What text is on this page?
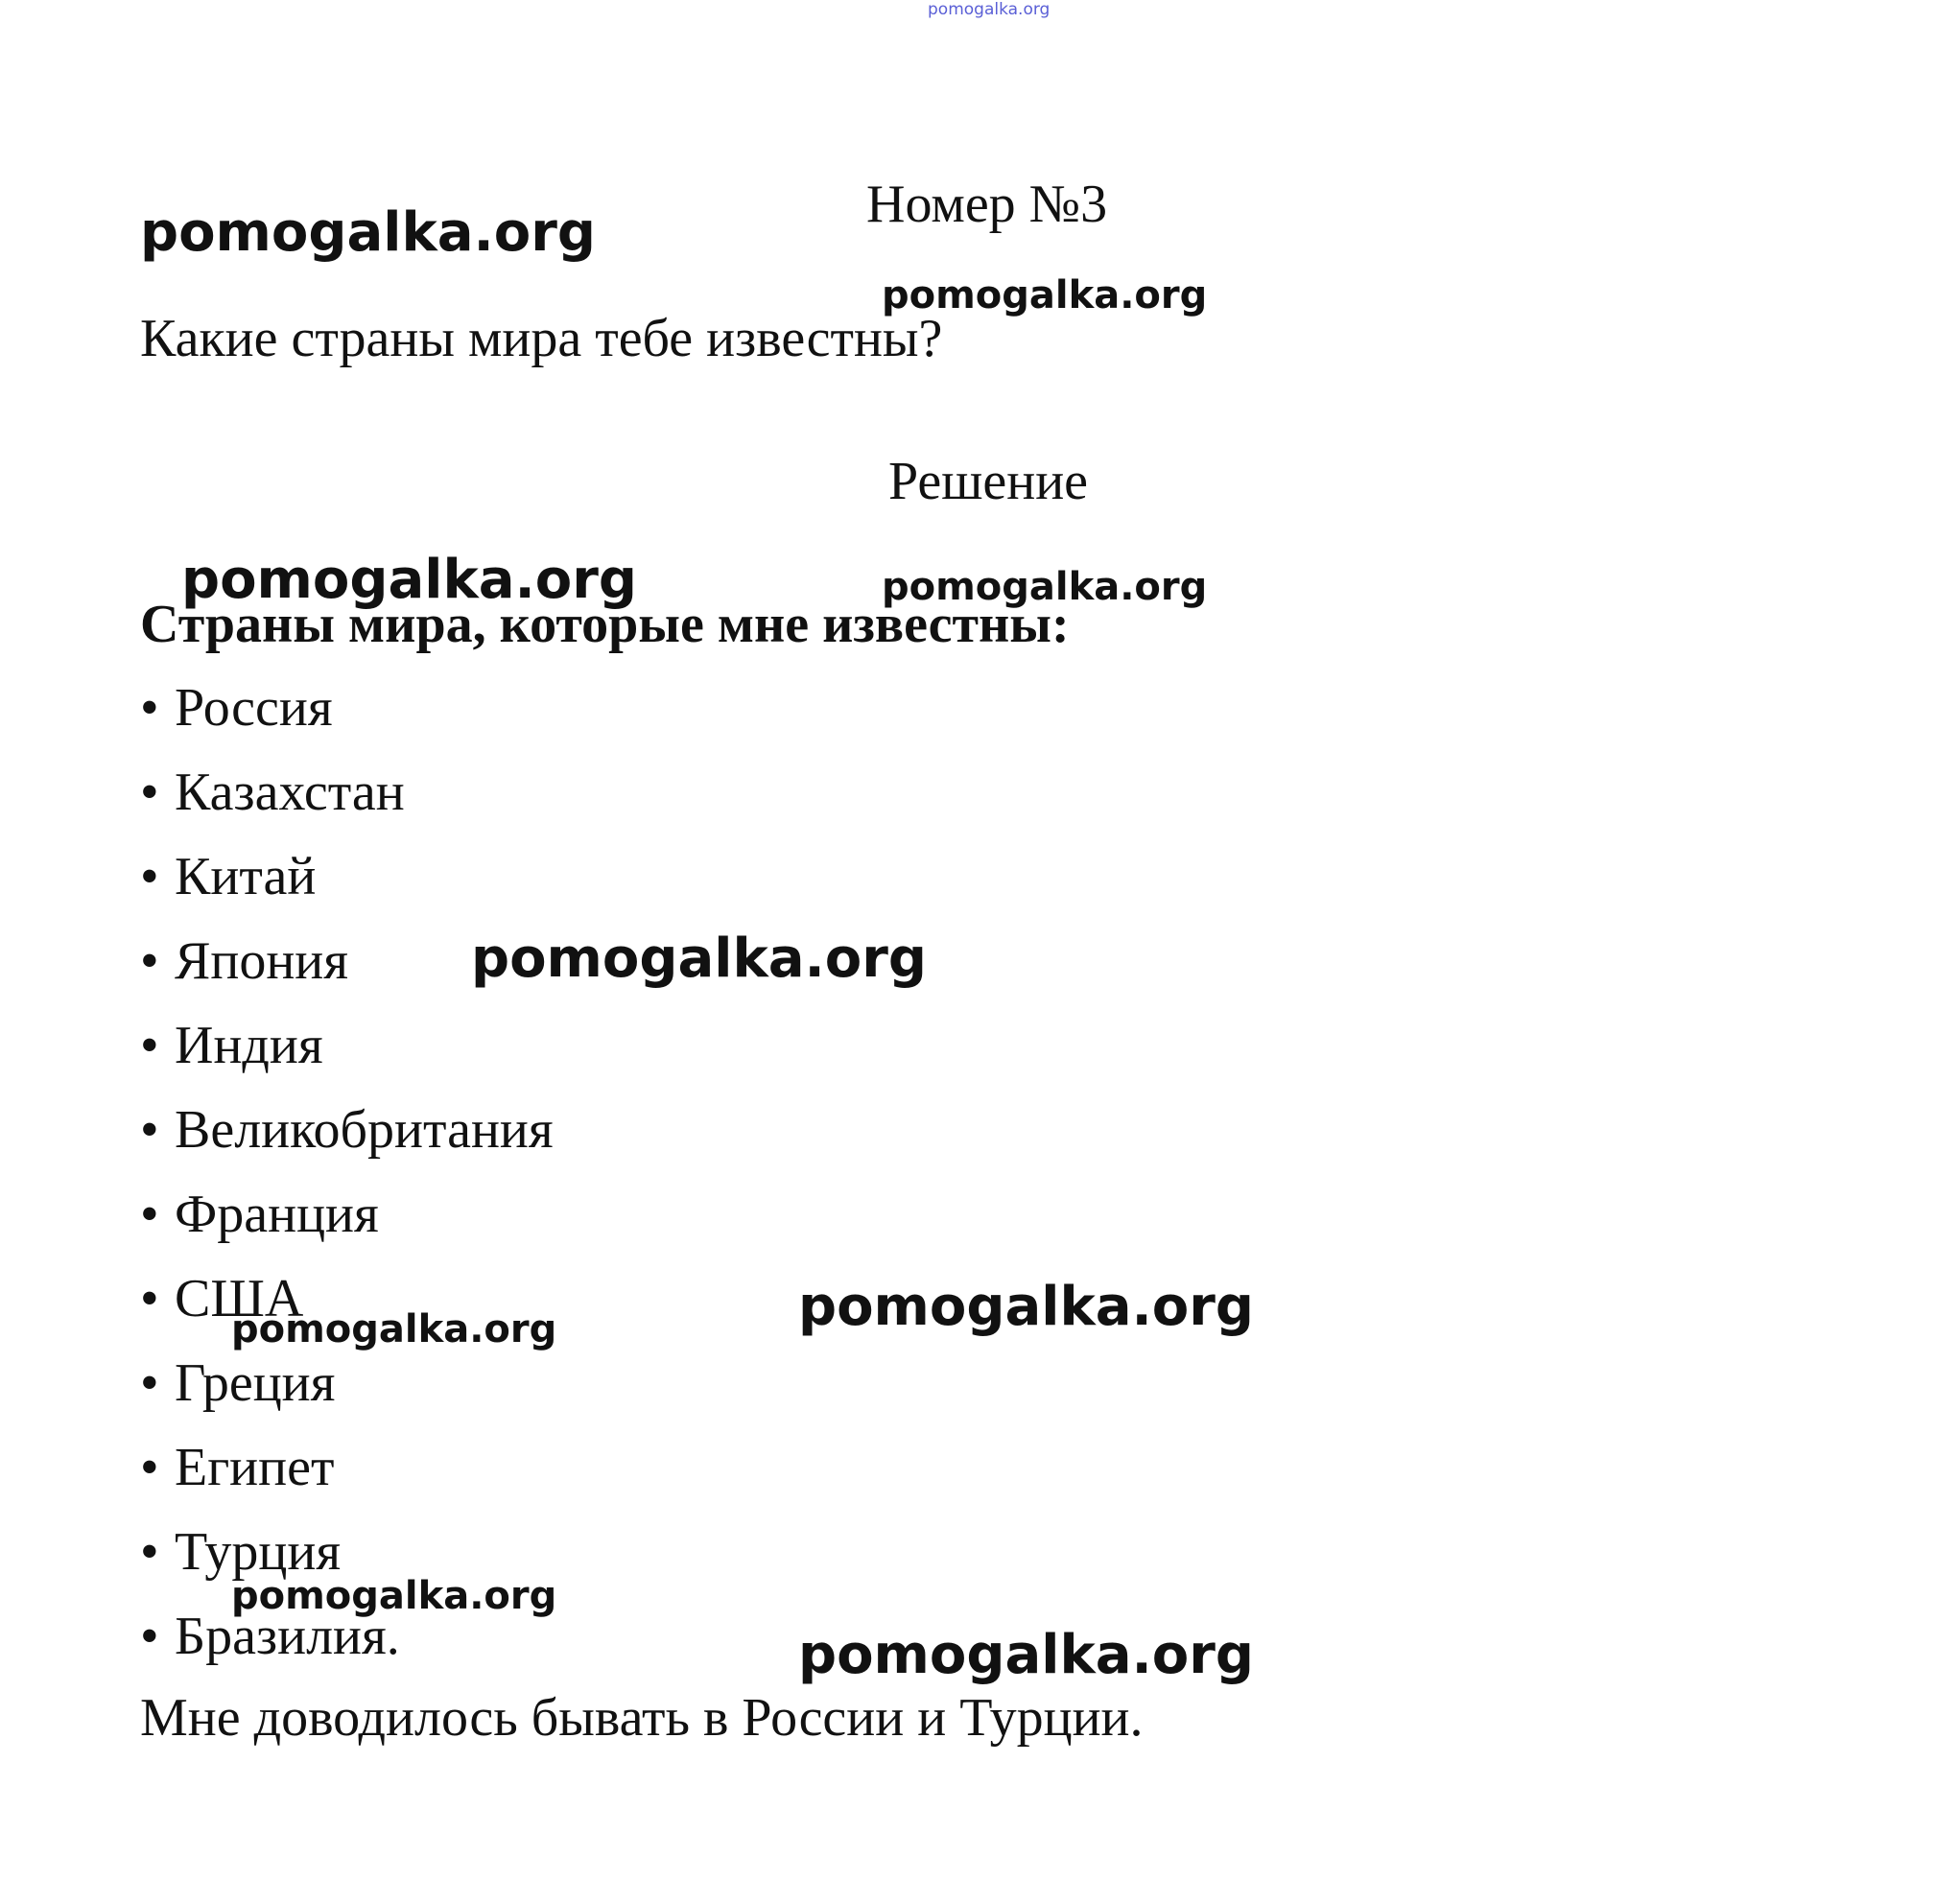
pomogalka.org
Номер №3
pomogalka.org
pomogalka.org
Какие страны мира тебе известны?
Решение
Страны мира, которые мне известны:
pomogalka.org	pomogalka.org
• Россия
• Казахстан
• Китай
• Япония
• Индия
• Великобритания
• Франция
• США
• Греция
• Египет
• Турция
• Бразилия.
pomogalka.org
pomogalka.org
pomogalka.org
pomogalka.org
pomogalka.org
Мне доводилось бывать в России и Турции.
pomogalka.org
